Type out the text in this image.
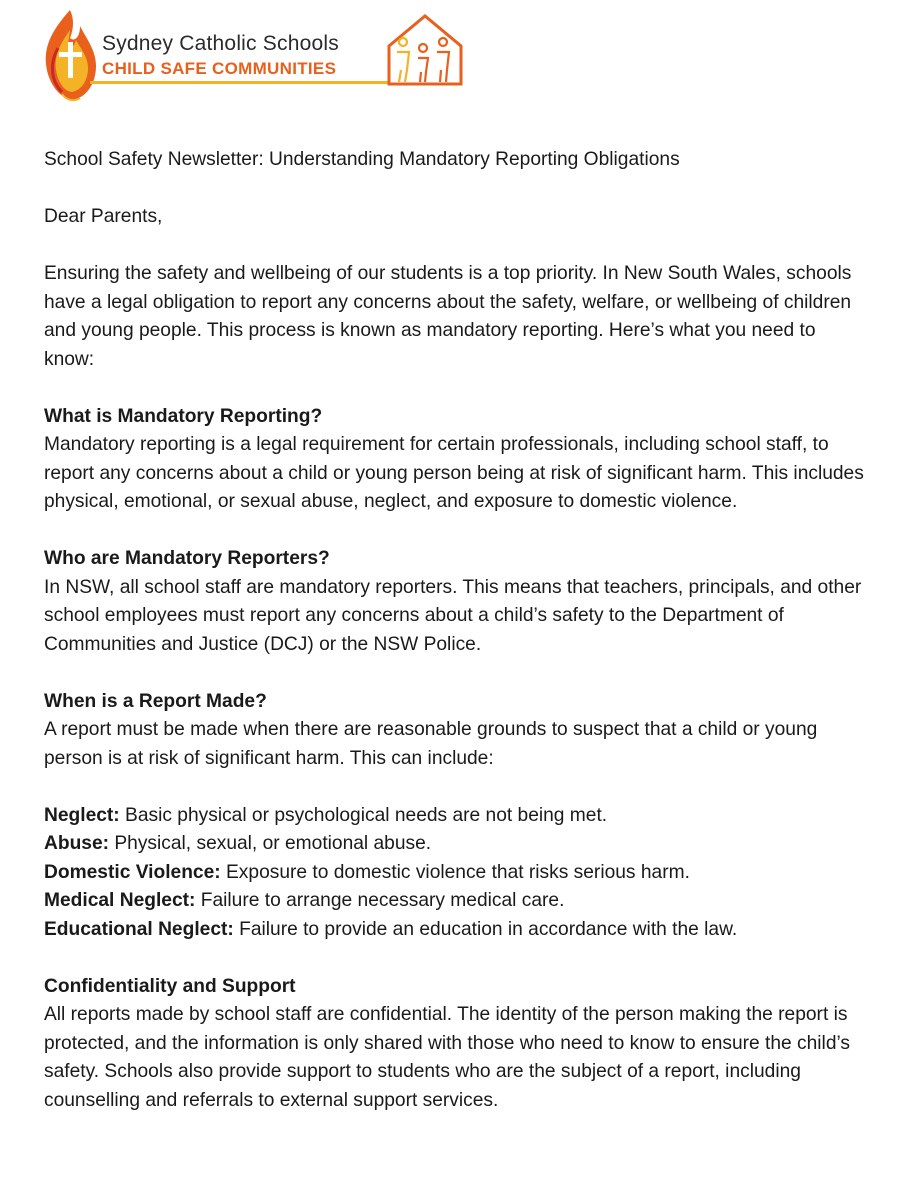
Sydney Catholic Schools
CHILD SAFE COMMUNITIES

School Safety Newsletter: Understanding Mandatory Reporting Obligations

Dear Parents,

Ensuring the safety and wellbeing of our students is a top priority. In New South Wales, schools have a legal obligation to report any concerns about the safety, welfare, or wellbeing of children and young people. This process is known as mandatory reporting. Here’s what you need to know:

What is Mandatory Reporting?
Mandatory reporting is a legal requirement for certain professionals, including school staff, to report any concerns about a child or young person being at risk of significant harm. This includes physical, emotional, or sexual abuse, neglect, and exposure to domestic violence.

Who are Mandatory Reporters?
In NSW, all school staff are mandatory reporters. This means that teachers, principals, and other school employees must report any concerns about a child’s safety to the Department of Communities and Justice (DCJ) or the NSW Police.

When is a Report Made?
A report must be made when there are reasonable grounds to suspect that a child or young person is at risk of significant harm. This can include:

Neglect: Basic physical or psychological needs are not being met.
Abuse: Physical, sexual, or emotional abuse.
Domestic Violence: Exposure to domestic violence that risks serious harm.
Medical Neglect: Failure to arrange necessary medical care.
Educational Neglect: Failure to provide an education in accordance with the law.

Confidentiality and Support
All reports made by school staff are confidential. The identity of the person making the report is protected, and the information is only shared with those who need to know to ensure the child’s safety. Schools also provide support to students who are the subject of a report, including counselling and referrals to external support services.
